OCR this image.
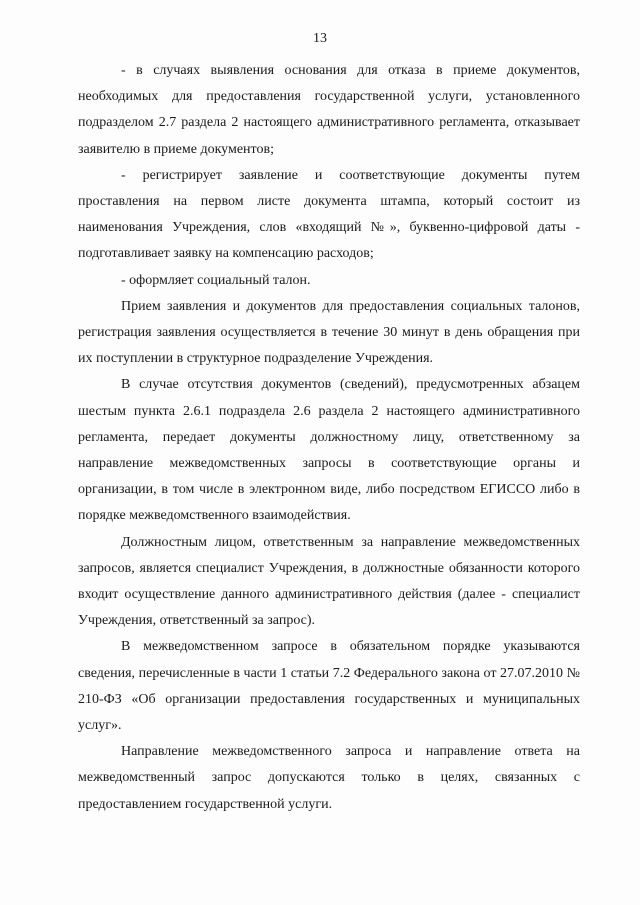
13

- в случаях выявления основания для отказа в приеме документов, необходимых для предоставления государственной услуги, установленного подразделом 2.7 раздела 2 настоящего административного регламента, отказывает заявителю в приеме документов;

- регистрирует заявление и соответствующие документы путем проставления на первом листе документа штампа, который состоит из наименования Учреждения, слов «входящий №», буквенно-цифровой даты - подготавливает заявку на компенсацию расходов;

- оформляет социальный талон.

Прием заявления и документов для предоставления социальных талонов, регистрация заявления осуществляется в течение 30 минут в день обращения при их поступлении в структурное подразделение Учреждения.

В случае отсутствия документов (сведений), предусмотренных абзацем шестым пункта 2.6.1 подраздела 2.6 раздела 2 настоящего административного регламента, передает документы должностному лицу, ответственному за направление межведомственных запросы в соответствующие органы и организации, в том числе в электронном виде, либо посредством ЕГИССО либо в порядке межведомственного взаимодействия.

Должностным лицом, ответственным за направление межведомственных запросов, является специалист Учреждения, в должностные обязанности которого входит осуществление данного административного действия (далее - специалист Учреждения, ответственный за запрос).

В межведомственном запросе в обязательном порядке указываются сведения, перечисленные в части 1 статьи 7.2 Федерального закона от 27.07.2010 № 210-ФЗ «Об организации предоставления государственных и муниципальных услуг».

Направление межведомственного запроса и направление ответа на межведомственный запрос допускаются только в целях, связанных с предоставлением государственной услуги.
